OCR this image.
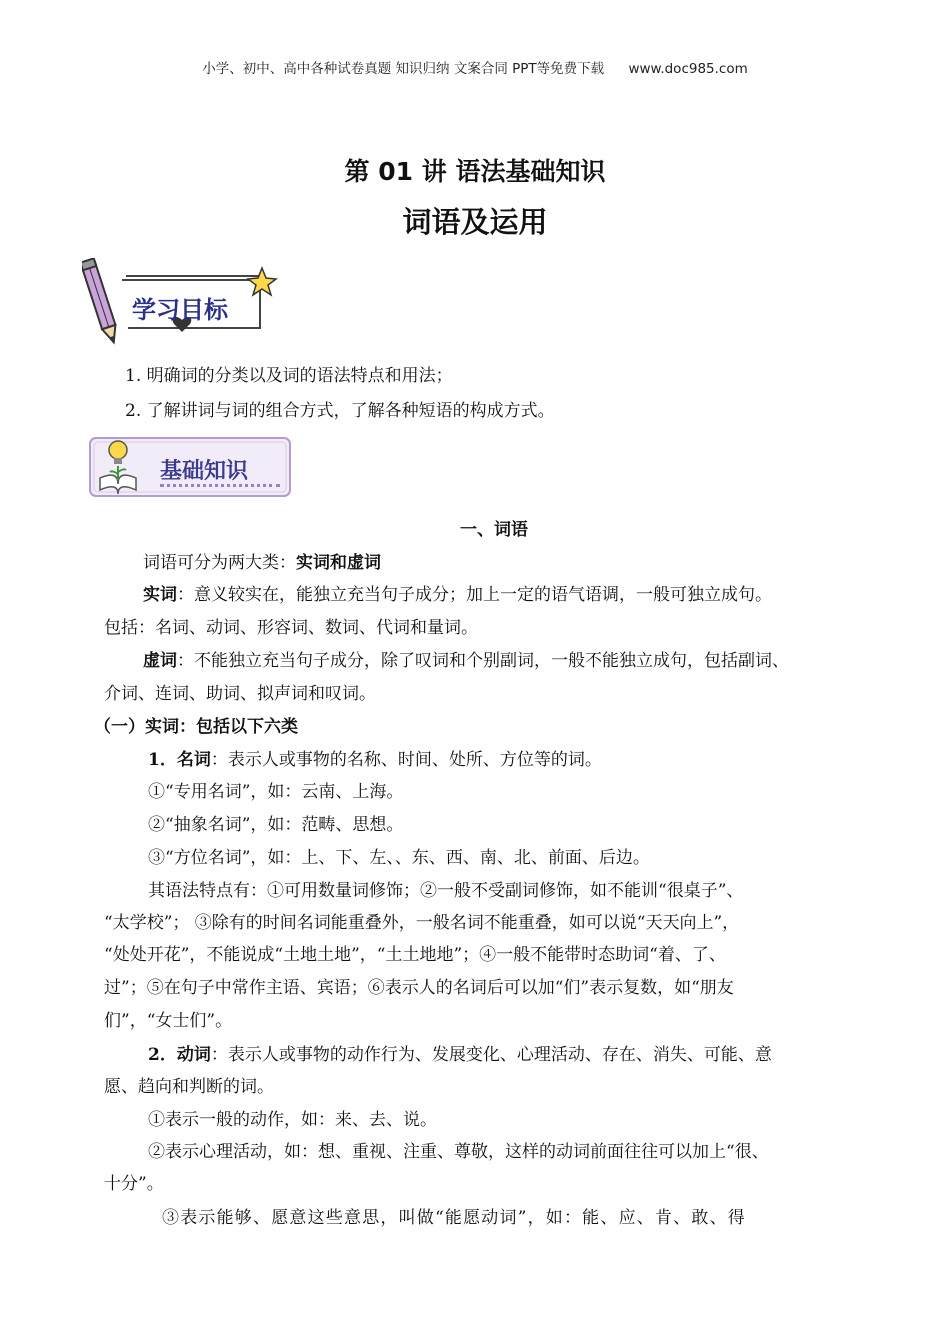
小学、初中、高中各种试卷真题 知识归纳 文案合同 PPT等免费下载 www.doc985.com
第 01 讲 语法基础知识
词语及运用
学习目标
1. 明确词的分类以及词的语法特点和用法；
2. 了解讲词与词的组合方式，了解各种短语的构成方式。
基础知识
一、词语
词语可分为两大类：实词和虚词
实词：意义较实在，能独立充当句子成分；加上一定的语气语调，一般可独立成句。
包括：名词、动词、形容词、数词、代词和量词。
虚词：不能独立充当句子成分，除了叹词和个别副词，一般不能独立成句，包括副词、
介词、连词、助词、拟声词和叹词。
（一）实词：包括以下六类
1．名词：表示人或事物的名称、时间、处所、方位等的词。
①“专用名词”，如：云南、上海。
②“抽象名词”，如：范畴、思想。
③“方位名词”，如：上、下、左、、东、西、南、北、前面、后边。
其语法特点有：①可用数量词修饰；②一般不受副词修饰，如不能训“很桌子”、
“太学校”； ③除有的时间名词能重叠外，一般名词不能重叠，如可以说“天天向上”，
“处处开花”，不能说成“土地土地”，“土土地地”；④一般不能带时态助词“着、了、
过”；⑤在句子中常作主语、宾语；⑥表示人的名词后可以加“们”表示复数，如“朋友
们”，“女士们”。
2．动词：表示人或事物的动作行为、发展变化、心理活动、存在、消失、可能、意
愿、趋向和判断的词。
①表示一般的动作，如：来、去、说。
②表示心理活动，如：想、重视、注重、尊敬，这样的动词前面往往可以加上“很、
十分”。
③表示能够、愿意这些意思，叫做“能愿动词”，如：能、应、肯、敢、得
